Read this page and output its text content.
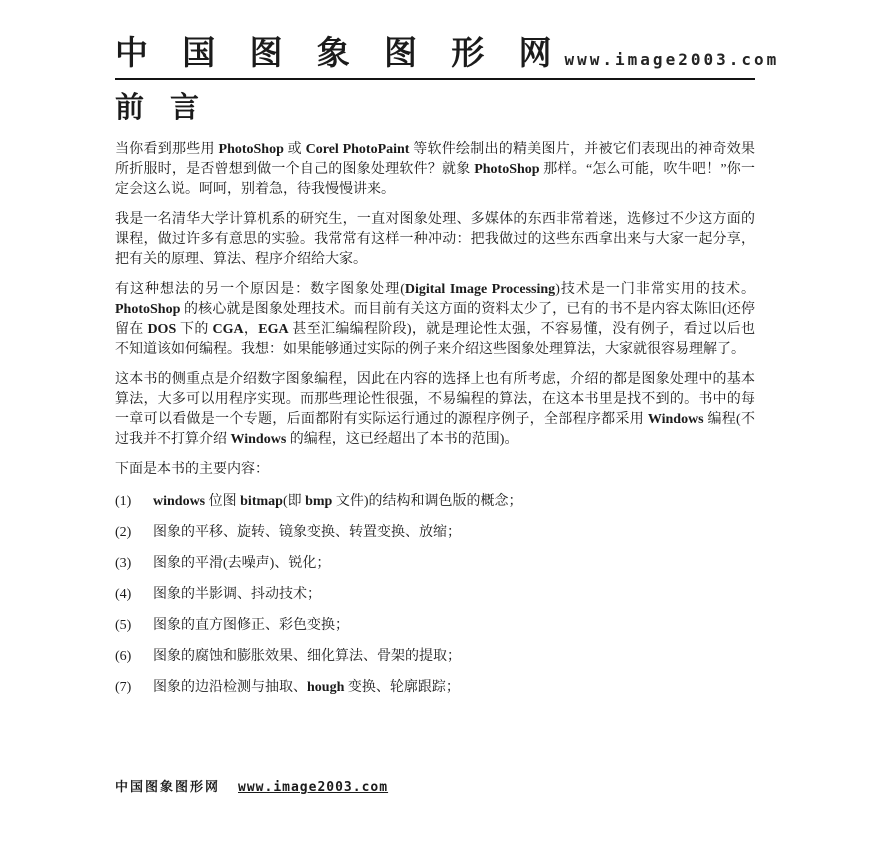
中 国 图 象 图 形 网 www.image2003.com
前 言

当你看到那些用 PhotoShop 或 Corel PhotoPaint 等软件绘制出的精美图片，并被它们表现出的神奇效果所折服时，是否曾想到做一个自己的图象处理软件？就象 PhotoShop 那样。“怎么可能，吹牛吧！”你一定会这么说。呵呵，别着急，待我慢慢讲来。

我是一名清华大学计算机系的研究生，一直对图象处理、多媒体的东西非常着迷，选修过不少这方面的课程，做过许多有意思的实验。我常常有这样一种冲动：把我做过的这些东西拿出来与大家一起分享，把有关的原理、算法、程序介绍给大家。

有这种想法的另一个原因是：数字图象处理(Digital Image Processing)技术是一门非常实用的技术。PhotoShop 的核心就是图象处理技术。而目前有关这方面的资料太少了，已有的书不是内容太陈旧(还停留在 DOS 下的 CGA，EGA 甚至汇编编程阶段)，就是理论性太强，不容易懂，没有例子，看过以后也不知道该如何编程。我想：如果能够通过实际的例子来介绍这些图象处理算法，大家就很容易理解了。

这本书的侧重点是介绍数字图象编程，因此在内容的选择上也有所考虑，介绍的都是图象处理中的基本算法，大多可以用程序实现。而那些理论性很强，不易编程的算法，在这本书里是找不到的。书中的每一章可以看做是一个专题，后面都附有实际运行通过的源程序例子，全部程序都采用 Windows 编程(不过我并不打算介绍 Windows 的编程，这已经超出了本书的范围)。

下面是本书的主要内容：

(1)	windows 位图 bitmap(即 bmp 文件)的结构和调色版的概念；
(2)	图象的平移、旋转、镜象变换、转置变换、放缩；
(3)	图象的平滑(去噪声)、锐化；
(4)	图象的半影调、抖动技术；
(5)	图象的直方图修正、彩色变换；
(6)	图象的腐蚀和膨胀效果、细化算法、骨架的提取；
(7)	图象的边沿检测与抽取、hough 变换、轮廓跟踪；
中国图象图形网 www.image2003.com
